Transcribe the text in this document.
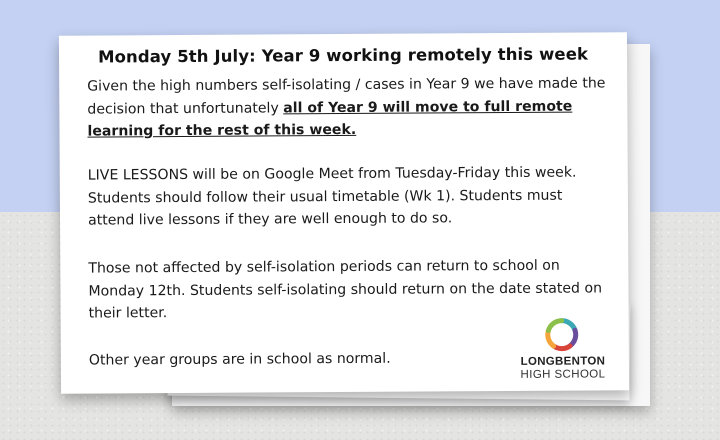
Monday 5th July: Year 9 working remotely this week

Given the high numbers self-isolating / cases in Year 9 we have made the decision that unfortunately all of Year 9 will move to full remote learning for the rest of this week.

LIVE LESSONS will be on Google Meet from Tuesday-Friday this week. Students should follow their usual timetable (Wk 1). Students must attend live lessons if they are well enough to do so.

Those not affected by self-isolation periods can return to school on Monday 12th. Students self-isolating should return on the date stated on their letter.

Other year groups are in school as normal.	LONGBENTON
HIGH SCHOOL
